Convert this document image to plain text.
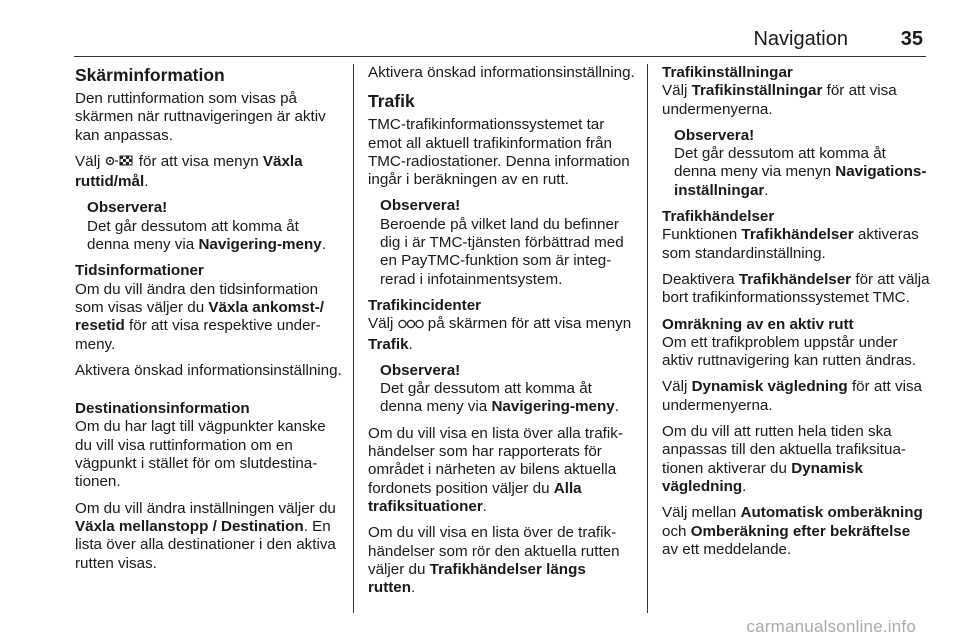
Navigation	35
Skärminformation

Den ruttinformation som visas på skärmen när ruttnavigeringen är aktiv kan anpassas.

Välj	för att visa menyn Växla ruttid/mål.

Observera!
Det går dessutom att komma åt denna meny via Navigering-meny.
Tidsinformationer

Om du vill ändra den tidsinformation som visas väljer du Växla ankomst-/ resetid för att visa respektive undermeny.

Aktivera önskad informationsinställning.

Destinationsinformation

Om du har lagt till vägpunkter kanske du vill visa ruttinformation om en vägpunkt i stället för om slutdestinationen.

Om du vill ändra inställningen väljer du Växla mellanstopp / Destination. En lista över alla destinationer i den aktiva rutten visas.

Aktivera önskad informationsinställning.

Trafik

TMC-trafikinformationssystemet tar emot all aktuell trafikinformation från TMC-radiostationer. Denna information ingår i beräkningen av en rutt.

Observera!
Beroende på vilket land du befinner dig i är TMC-tjänsten förbättrad med en PayTMC-funktion som är integrerad i infotainmentsystem.
Trafikincidenter

Välj på skärmen för att visa menyn Trafik.

Observera!
Det går dessutom att komma åt denna meny via Navigering-meny.

Om du vill visa en lista över alla trafikhändelser som har rapporterats för området i närheten av bilens aktuella fordonets position väljer du Alla trafiksituationer.

Om du vill visa en lista över de trafikhändelser som rör den aktuella rutten väljer du Trafikhändelser längs rutten.

Trafikinställningar

Välj Trafikinställningar för att visa undermenyerna.

Observera!
Det går dessutom att komma åt denna meny via menyn Navigationsinställningar.
Trafikhändelser

Funktionen Trafikhändelser aktiveras som standardinställning.

Deaktivera Trafikhändelser för att välja bort trafikinformationssystemet TMC.

Omräkning av en aktiv rutt

Om ett trafikproblem uppstår under aktiv ruttnavigering kan rutten ändras.

Välj Dynamisk vägledning för att visa undermenyerna.

Om du vill att rutten hela tiden ska anpassas till den aktuella trafiksituationen aktiverar du Dynamisk vägledning.

Välj mellan Automatisk omberäkning och Omberäkning efter bekräftelse av ett meddelande.

carmanualsonline.info
